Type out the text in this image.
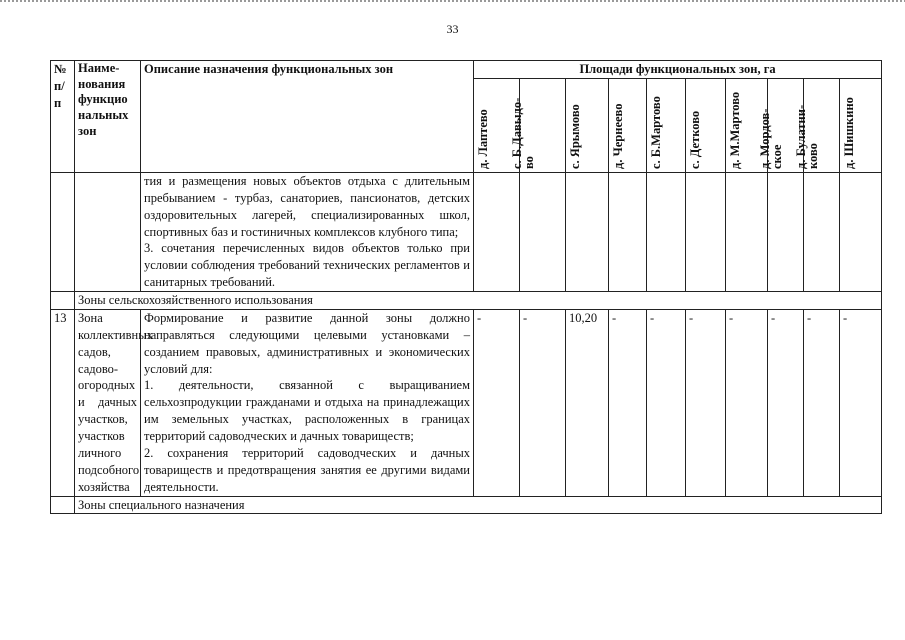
33
№
п/
п	Наиме-
нования
функцио
нальных
зон	Описание назначения функциональных зон	Площади функциональных зон, га									

			д. Лаптево	с. Б.Давыдо-
во	с. Ярымово	д. Чернеево	с. Б.Мартово	с. Детково	д. М.Мартово	д. Мордов-
ское	д. Булатни-
ково	д. Шишкино

		тия и размещения новых объектов отдыха с длительным пребыванием - турбаз, санаториев, пансионатов, детских оздоровительных лагерей, специализированных школ, спортивных баз и гостиничных комплексов клубного типа;

3. сочетания перечисленных видов объектов только при условии соблюдения требований технических регламентов и санитарных требований.										

	Зоны сельскохозяйственного использования											
13	Зона коллективных садов, садово-огородных и дачных участков, участков личного подсобного хозяйства	Формирование и развитие данной зоны должно направляться следующими целевыми установками – созданием правовых, административных и экономических условий для:

1. деятельности, связанной с выращиванием сельхозпродукции гражданами и отдыха на принадлежащих им земельных участках, расположенных в границах территорий садоводческих и дачных товариществ;

2. сохранения территорий садоводческих и дачных товариществ и предотвращения занятия ее другими видами деятельности.	-	-	10,20	-	-	-	-	-	-	-
	Зоны специального назначения											
